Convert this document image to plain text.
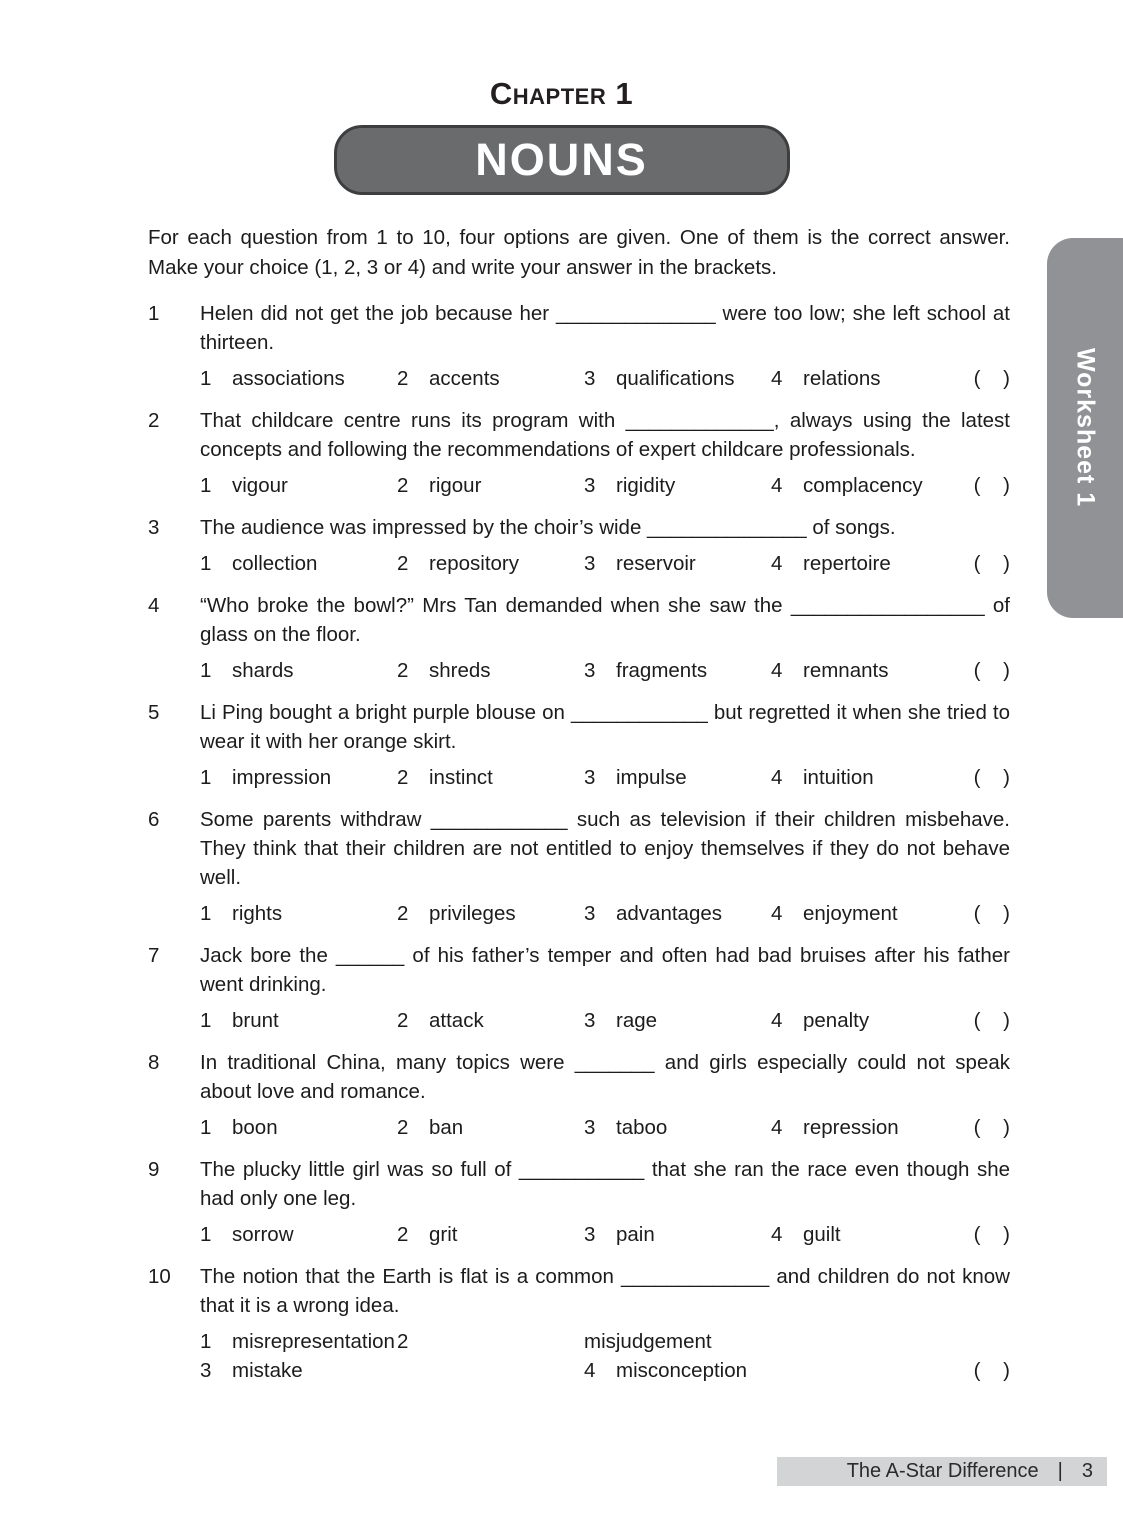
Chapter 1
NOUNS

For each question from 1 to 10, four options are given. One of them is the correct answer. Make your choice (1, 2, 3 or 4) and write your answer in the brackets.

1	Helen did not get the job because her ______________ were too low; she left school at thirteen.

1	associations	2	accents	3	qualifications 4	relations	(    )
2	That childcare centre runs its program with _____________, always using the latest concepts and following the recommendations of expert childcare professionals.

1	vigour	2	rigour	3	rigidity	4	complacency	(    )
3	The audience was impressed by the choir’s wide ______________ of songs.

1	collection	2	repository	3	reservoir	4	repertoire	(    )
4	“Who broke the bowl?” Mrs Tan demanded when she saw the _________________ of glass on the floor.

1	shards	2	shreds	3	fragments	4	remnants	(    )
5	Li Ping bought a bright purple blouse on ____________ but regretted it when she tried to wear it with her orange skirt.

1	impression	2	instinct	3	impulse	4	intuition	(    )
6	Some parents withdraw ____________ such as television if their children misbehave. They think that their children are not entitled to enjoy themselves if they do not behave well.

1	rights	2	privileges	3	advantages 4	enjoyment	(    )
7	Jack bore the ______ of his father’s temper and often had bad bruises after his father went drinking.

1	brunt	2	attack	3	rage	4	penalty	(    )
8	In traditional China, many topics were _______ and girls especially could not speak about love and romance.

1	boon	2	ban	3	taboo	4	repression	(    )
9	The plucky little girl was so full of ___________ that she ran the race even though she had only one leg.

1	sorrow	2	grit	3	pain	4	guilt	(    )
10	The notion that the Earth is flat is a common _____________ and children do not know that it is a wrong idea.

1	misrepresentation 2	misjudgement
3	mistake	4	misconception	(    )
Worksheet 1
The A-Star Difference | 3
